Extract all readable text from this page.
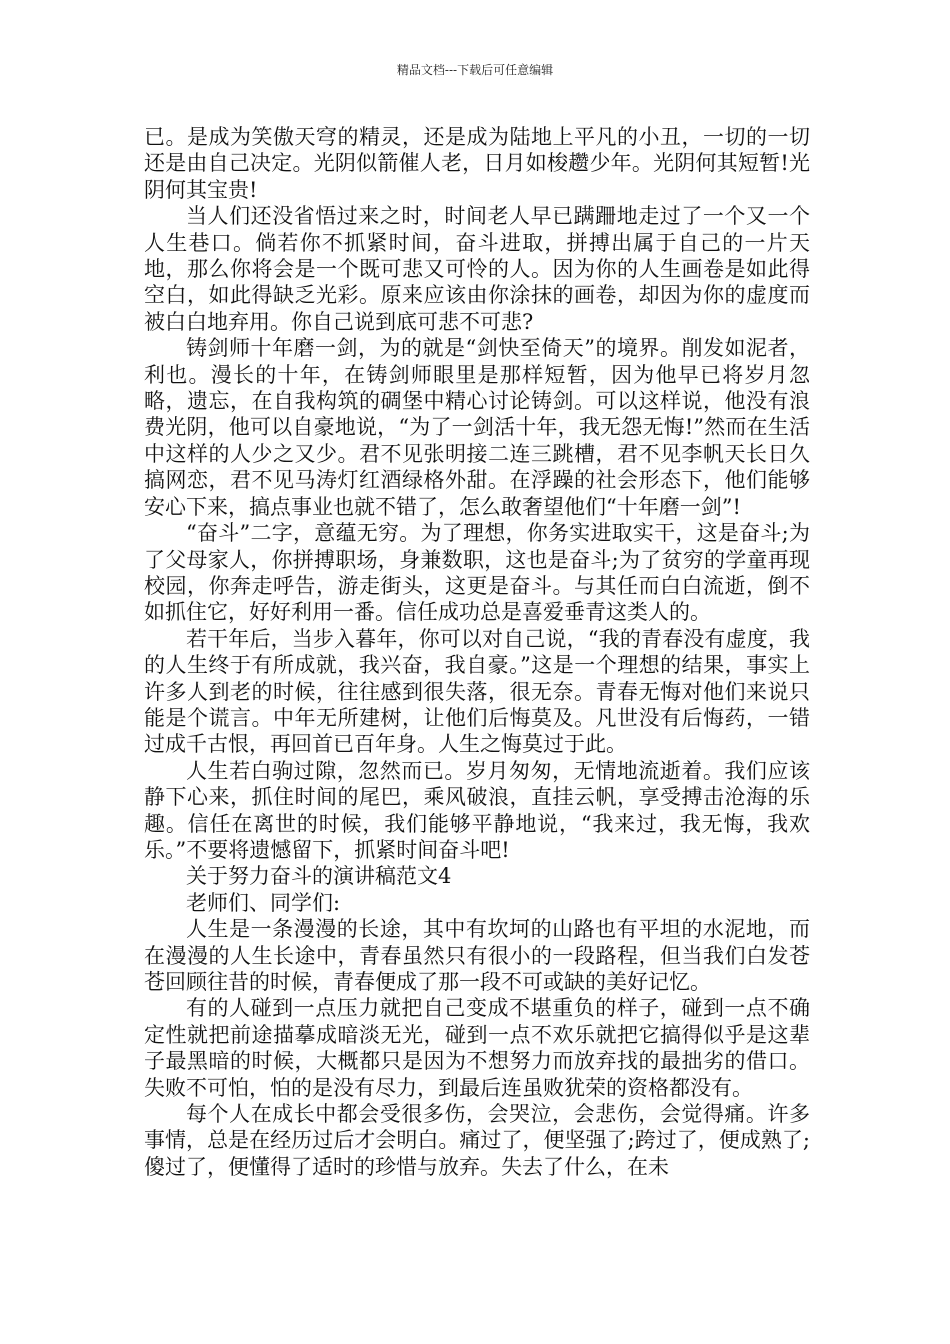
精品文档---下载后可任意编辑

已。是成为笑傲天穹的精灵，还是成为陆地上平凡的小丑，一切的一切还是由自己决定。光阴似箭催人老，日月如梭趱少年。光阴何其短暂!光阴何其宝贵!

当人们还没省悟过来之时，时间老人早已蹒跚地走过了一个又一个人生巷口。倘若你不抓紧时间，奋斗进取，拼搏出属于自己的一片天地，那么你将会是一个既可悲又可怜的人。因为你的人生画卷是如此得空白，如此得缺乏光彩。原来应该由你涂抹的画卷，却因为你的虚度而被白白地弃用。你自己说到底可悲不可悲?

铸剑师十年磨一剑，为的就是“剑快至倚天”的境界。削发如泥者，利也。漫长的十年，在铸剑师眼里是那样短暂，因为他早已将岁月忽略，遗忘，在自我构筑的碉堡中精心讨论铸剑。可以这样说，他没有浪费光阴，他可以自豪地说，“为了一剑活十年，我无怨无悔!”然而在生活中这样的人少之又少。君不见张明接二连三跳槽，君不见李帆天长日久搞网恋，君不见马涛灯红酒绿格外甜。在浮躁的社会形态下，他们能够安心下来，搞点事业也就不错了，怎么敢奢望他们“十年磨一剑”!

“奋斗”二字，意蕴无穷。为了理想，你务实进取实干，这是奋斗;为了父母家人，你拼搏职场，身兼数职，这也是奋斗;为了贫穷的学童再现校园，你奔走呼告，游走街头，这更是奋斗。与其任而白白流逝，倒不如抓住它，好好利用一番。信任成功总是喜爱垂青这类人的。

若干年后，当步入暮年，你可以对自己说，“我的青春没有虚度，我的人生终于有所成就，我兴奋，我自豪。”这是一个理想的结果，事实上许多人到老的时候，往往感到很失落，很无奈。青春无悔对他们来说只能是个谎言。中年无所建树，让他们后悔莫及。凡世没有后悔药，一错过成千古恨，再回首已百年身。人生之悔莫过于此。

人生若白驹过隙，忽然而已。岁月匆匆，无情地流逝着。我们应该静下心来，抓住时间的尾巴，乘风破浪，直挂云帆，享受搏击沧海的乐趣。信任在离世的时候，我们能够平静地说，“我来过，我无悔，我欢乐。”不要将遗憾留下，抓紧时间奋斗吧!

关于努力奋斗的演讲稿范文4

老师们、同学们:

人生是一条漫漫的长途，其中有坎坷的山路也有平坦的水泥地，而在漫漫的人生长途中，青春虽然只有很小的一段路程，但当我们白发苍苍回顾往昔的时候，青春便成了那一段不可或缺的美好记忆。

有的人碰到一点压力就把自己变成不堪重负的样子，碰到一点不确定性就把前途描摹成暗淡无光，碰到一点不欢乐就把它搞得似乎是这辈子最黑暗的时候，大概都只是因为不想努力而放弃找的最拙劣的借口。失败不可怕，怕的是没有尽力，到最后连虽败犹荣的资格都没有。

每个人在成长中都会受很多伤，会哭泣，会悲伤，会觉得痛。许多事情，总是在经历过后才会明白。痛过了，便坚强了;跨过了，便成熟了;傻过了，便懂得了适时的珍惜与放弃。失去了什么，在未
